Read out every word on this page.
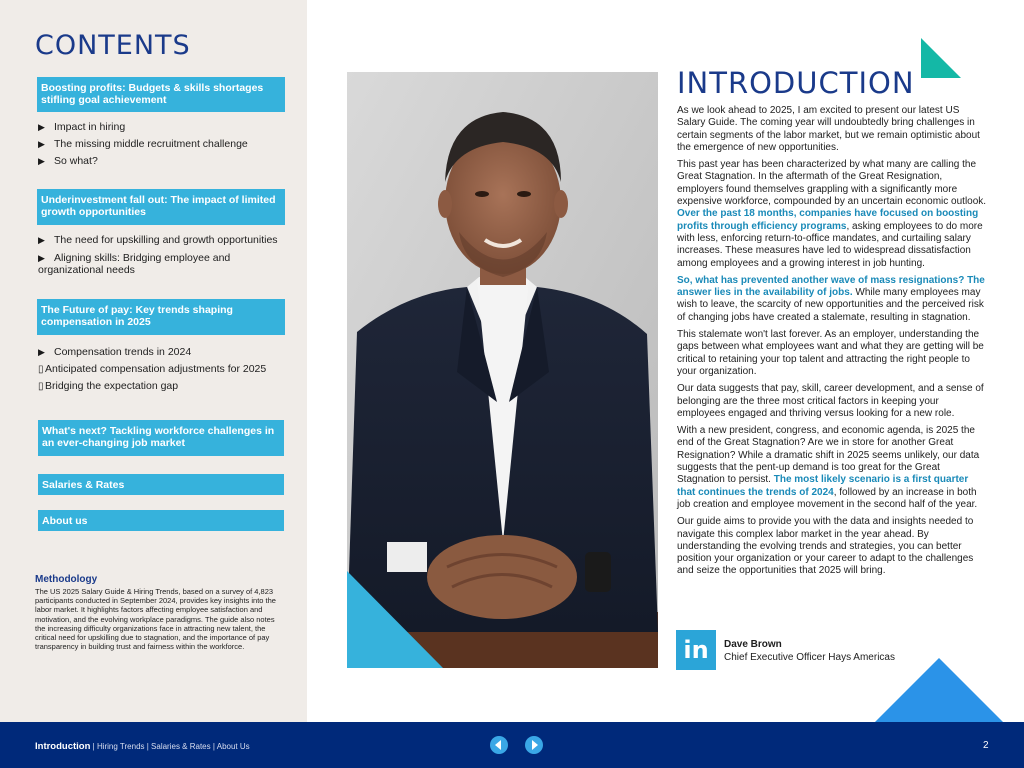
CONTENTS
Boosting profits: Budgets & skills shortages stifling goal achievement
▶ Impact in hiring
▶ The missing middle recruitment challenge
▶ So what?
Underinvestment fall out: The impact of limited growth opportunities
▶ The need for upskilling and growth opportunities
▶ Aligning skills: Bridging employee and organizational needs
The Future of pay: Key trends shaping compensation in 2025
▶ Compensation trends in 2024
▯Anticipated compensation adjustments for 2025
▯Bridging the expectation gap
What's next? Tackling workforce challenges in an ever-changing job market
Salaries & Rates
About us
Methodology
The US 2025 Salary Guide & Hiring Trends, based on a survey of 4,823 participants conducted in September 2024, provides key insights into the labor market. It highlights factors affecting employee satisfaction and motivation, and the evolving workplace paradigms. The guide also notes the increasing difficulty organizations face in attracting new talent, the critical need for upskilling due to stagnation, and the importance of pay transparency in building trust and fairness within the workforce.
INTRODUCTION

As we look ahead to 2025, I am excited to present our latest US Salary Guide. The coming year will undoubtedly bring challenges in certain segments of the labor market, but we remain optimistic about the emergence of new opportunities.

This past year has been characterized by what many are calling the Great Stagnation. In the aftermath of the Great Resignation, employers found themselves grappling with a significantly more expensive workforce, compounded by an uncertain economic outlook. Over the past 18 months, companies have focused on boosting profits through efficiency programs, asking employees to do more with less, enforcing return-to-office mandates, and curtailing salary increases. These measures have led to widespread dissatisfaction among employees and a growing interest in job hunting.

So, what has prevented another wave of mass resignations? The answer lies in the availability of jobs. While many employees may wish to leave, the scarcity of new opportunities and the perceived risk of changing jobs have created a stalemate, resulting in stagnation.

This stalemate won't last forever. As an employer, understanding the gaps between what employees want and what they are getting will be critical to retaining your top talent and attracting the right people to your organization.

Our data suggests that pay, skill, career development, and a sense of belonging are the three most critical factors in keeping your employees engaged and thriving versus looking for a new role.

With a new president, congress, and economic agenda, is 2025 the end of the Great Stagnation? Are we in store for another Great Resignation? While a dramatic shift in 2025 seems unlikely, our data suggests that the pent-up demand is too great for the Great Stagnation to persist. The most likely scenario is a first quarter that continues the trends of 2024, followed by an increase in both job creation and employee movement in the second half of the year.

Our guide aims to provide you with the data and insights needed to navigate this complex labor market in the year ahead. By understanding the evolving trends and strategies, you can better position your organization or your career to adapt to the challenges and seize the opportunities that 2025 will bring.

in	Dave Brown
Chief Executive Officer Hays Americas
Introduction | Hiring Trends | Salaries & Rates | About Us	2
